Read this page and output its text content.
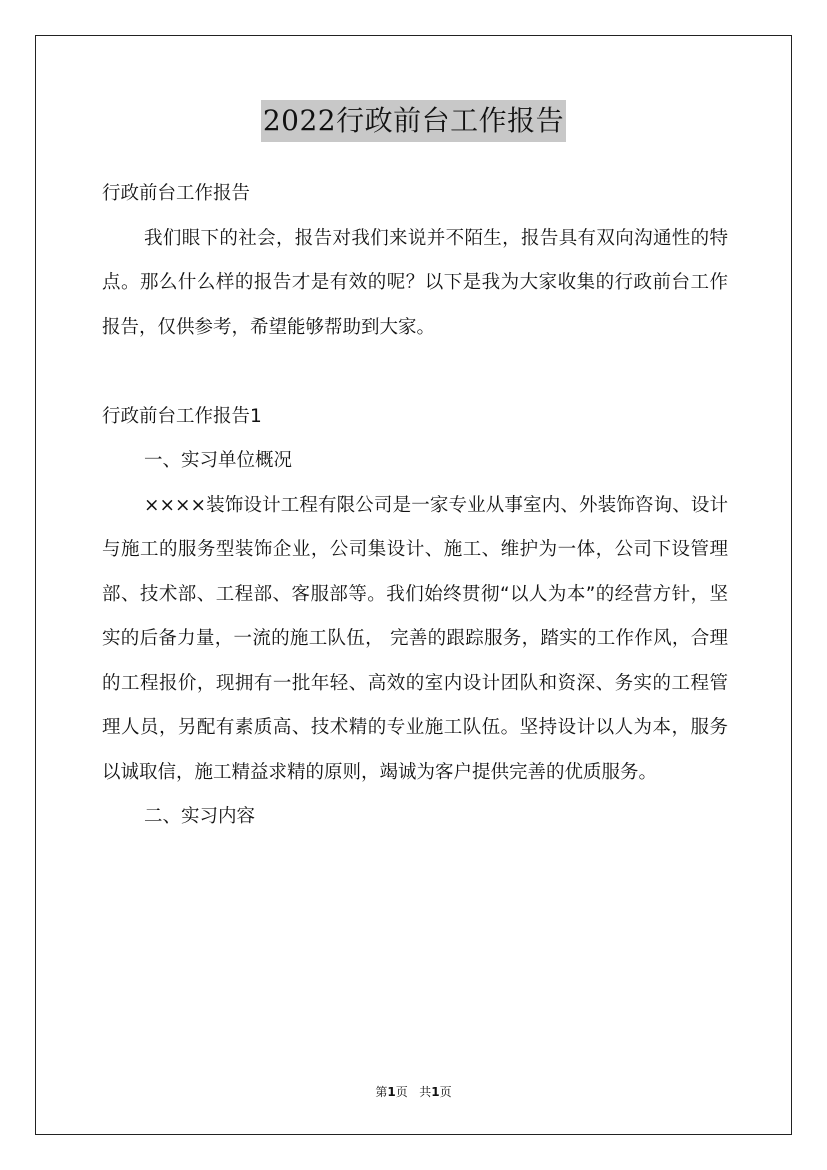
2022行政前台工作报告

行政前台工作报告

我们眼下的社会，报告对我们来说并不陌生，报告具有双向沟通性的特点。那么什么样的报告才是有效的呢？以下是我为大家收集的行政前台工作报告，仅供参考，希望能够帮助到大家。

行政前台工作报告1

一、实习单位概况

××××装饰设计工程有限公司是一家专业从事室内、外装饰咨询、设计与施工的服务型装饰企业，公司集设计、施工、维护为一体，公司下设管理部、技术部、工程部、客服部等。我们始终贯彻“以人为本”的经营方针，坚实的后备力量，一流的施工队伍， 完善的跟踪服务，踏实的工作作风，合理的工程报价，现拥有一批年轻、高效的室内设计团队和资深、务实的工程管理人员，另配有素质高、技术精的专业施工队伍。坚持设计以人为本，服务以诚取信，施工精益求精的原则，竭诚为客户提供完善的优质服务。

二、实习内容

第1页 共1页
